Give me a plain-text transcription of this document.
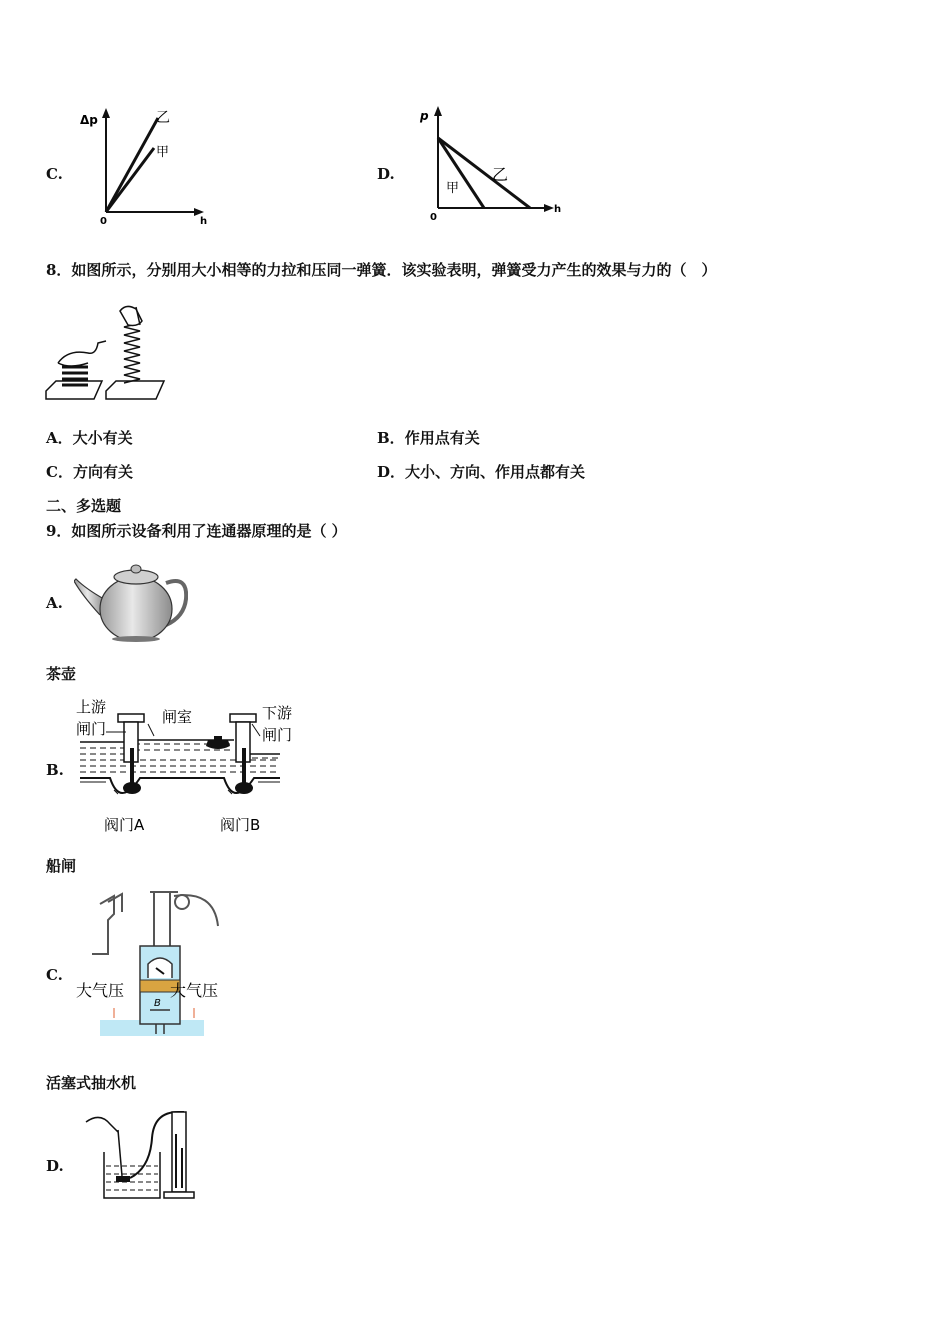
C.
Δp
0	h
乙
甲
D.
p
0
h
乙
甲
8．如图所示，分别用大小相等的力拉和压同一弹簧．该实验表明，弹簧受力产生的效果与力的（　）
A．大小有关	B．作用点有关
C．方向有关	D．大小、方向、作用点都有关
二、多选题
9．如图所示设备利用了连通器原理的是（ ）
A.
茶壶
B.
上游
闸门
闸室	下游
闸门
阀门A	阀门B
船闸
C.
B
大气压	大气压
活塞式抽水机
D.
